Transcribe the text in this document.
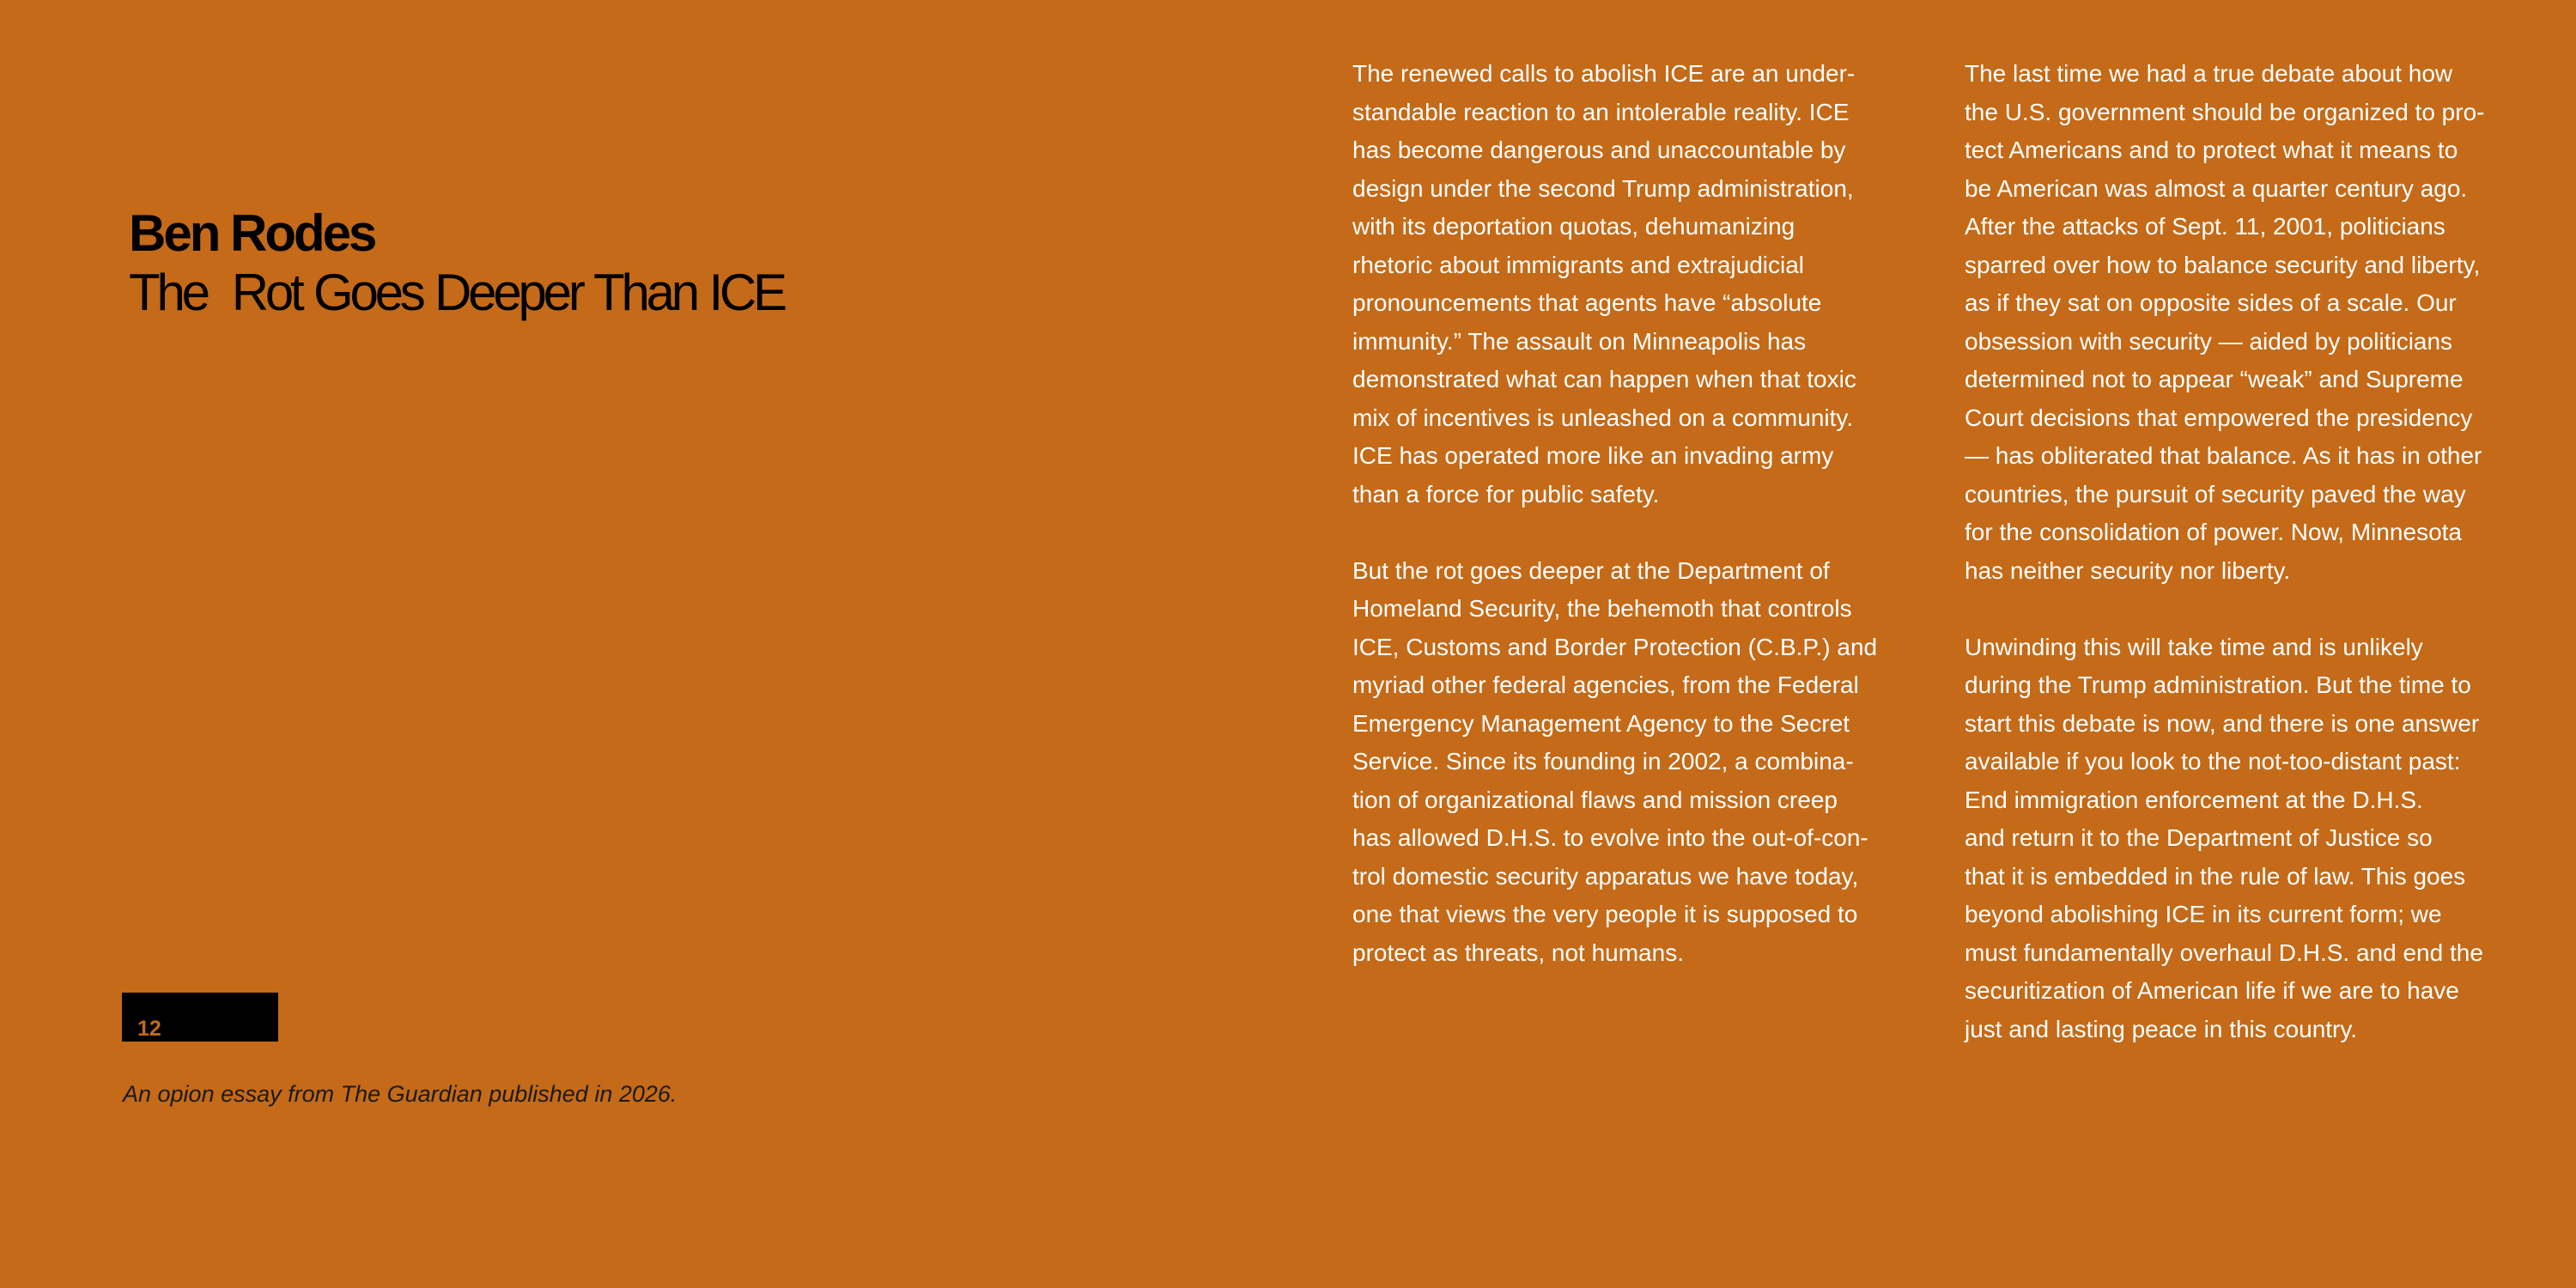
Ben Rodes
The  Rot Goes Deeper Than ICE
12

An opion essay from The Guardian published in 2026.

The renewed calls to abolish ICE are an under-
standable reaction to an intolerable reality. ICE
has become dangerous and unaccountable by
design under the second Trump administration,
with its deportation quotas, dehumanizing
rhetoric about immigrants and extrajudicial
pronouncements that agents have “absolute
immunity.” The assault on Minneapolis has
demonstrated what can happen when that toxic
mix of incentives is unleashed on a community.
ICE has operated more like an invading army
than a force for public safety.

But the rot goes deeper at the Department of
Homeland Security, the behemoth that controls
ICE, Customs and Border Protection (C.B.P.) and
myriad other federal agencies, from the Federal
Emergency Management Agency to the Secret
Service. Since its founding in 2002, a combina-
tion of organizational flaws and mission creep
has allowed D.H.S. to evolve into the out-of-con-
trol domestic security apparatus we have today,
one that views the very people it is supposed to
protect as threats, not humans.

The last time we had a true debate about how
the U.S. government should be organized to pro-
tect Americans and to protect what it means to
be American was almost a quarter century ago.
After the attacks of Sept. 11, 2001, politicians
sparred over how to balance security and liberty,
as if they sat on opposite sides of a scale. Our
obsession with security — aided by politicians
determined not to appear “weak” and Supreme
Court decisions that empowered the presidency
— has obliterated that balance. As it has in other
countries, the pursuit of security paved the way
for the consolidation of power. Now, Minnesota
has neither security nor liberty.

Unwinding this will take time and is unlikely
during the Trump administration. But the time to
start this debate is now, and there is one answer
available if you look to the not-too-distant past:
End immigration enforcement at the D.H.S.
and return it to the Department of Justice so
that it is embedded in the rule of law. This goes
beyond abolishing ICE in its current form; we
must fundamentally overhaul D.H.S. and end the
securitization of American life if we are to have
just and lasting peace in this country.
